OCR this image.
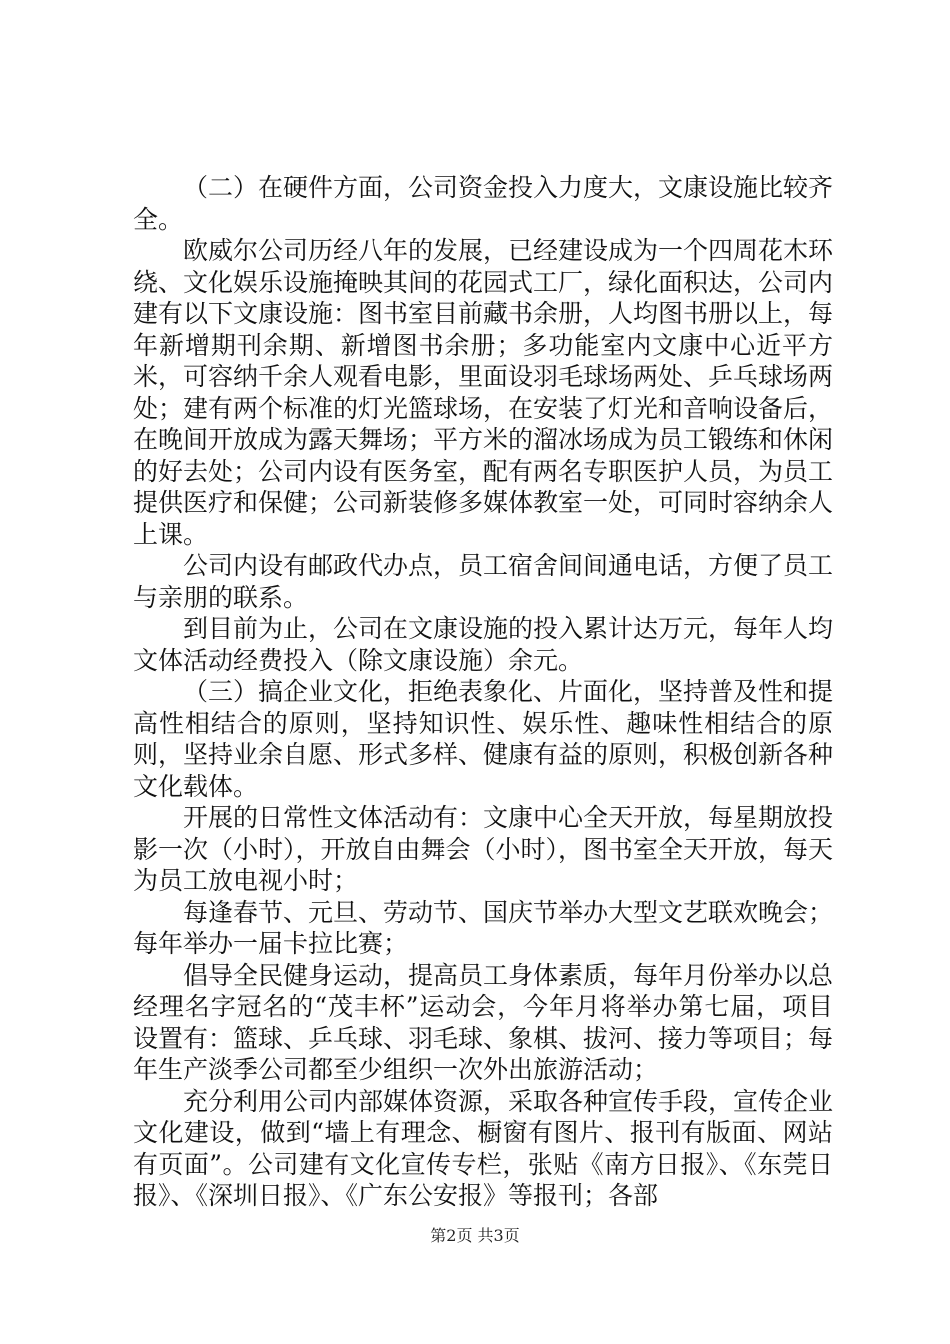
（二）在硬件方面，公司资金投入力度大，文康设施比较齐全。

欧威尔公司历经八年的发展，已经建设成为一个四周花木环绕、文化娱乐设施掩映其间的花园式工厂，绿化面积达，公司内建有以下文康设施：图书室目前藏书余册，人均图书册以上，每年新增期刊余期、新增图书余册；多功能室内文康中心近平方米，可容纳千余人观看电影，里面设羽毛球场两处、乒乓球场两处；建有两个标准的灯光篮球场，在安装了灯光和音响设备后，在晚间开放成为露天舞场；平方米的溜冰场成为员工锻练和休闲的好去处；公司内设有医务室，配有两名专职医护人员，为员工提供医疗和保健；公司新装修多媒体教室一处，可同时容纳余人上课。

公司内设有邮政代办点，员工宿舍间间通电话，方便了员工与亲朋的联系。

到目前为止，公司在文康设施的投入累计达万元，每年人均文体活动经费投入（除文康设施）余元。

（三）搞企业文化，拒绝表象化、片面化，坚持普及性和提高性相结合的原则，坚持知识性、娱乐性、趣味性相结合的原则，坚持业余自愿、形式多样、健康有益的原则，积极创新各种文化载体。

开展的日常性文体活动有：文康中心全天开放，每星期放投影一次（小时），开放自由舞会（小时），图书室全天开放，每天为员工放电视小时；

每逢春节、元旦、劳动节、国庆节举办大型文艺联欢晚会；每年举办一届卡拉比赛；

倡导全民健身运动，提高员工身体素质，每年月份举办以总经理名字冠名的“茂丰杯”运动会，今年月将举办第七届，项目设置有：篮球、乒乓球、羽毛球、象棋、拔河、接力等项目；每年生产淡季公司都至少组织一次外出旅游活动；

充分利用公司内部媒体资源，采取各种宣传手段，宣传企业文化建设，做到“墙上有理念、橱窗有图片、报刊有版面、网站有页面”。公司建有文化宣传专栏，张贴《南方日报》、《东莞日报》、《深圳日报》、《广东公安报》等报刊；各部

第2页 共3页
